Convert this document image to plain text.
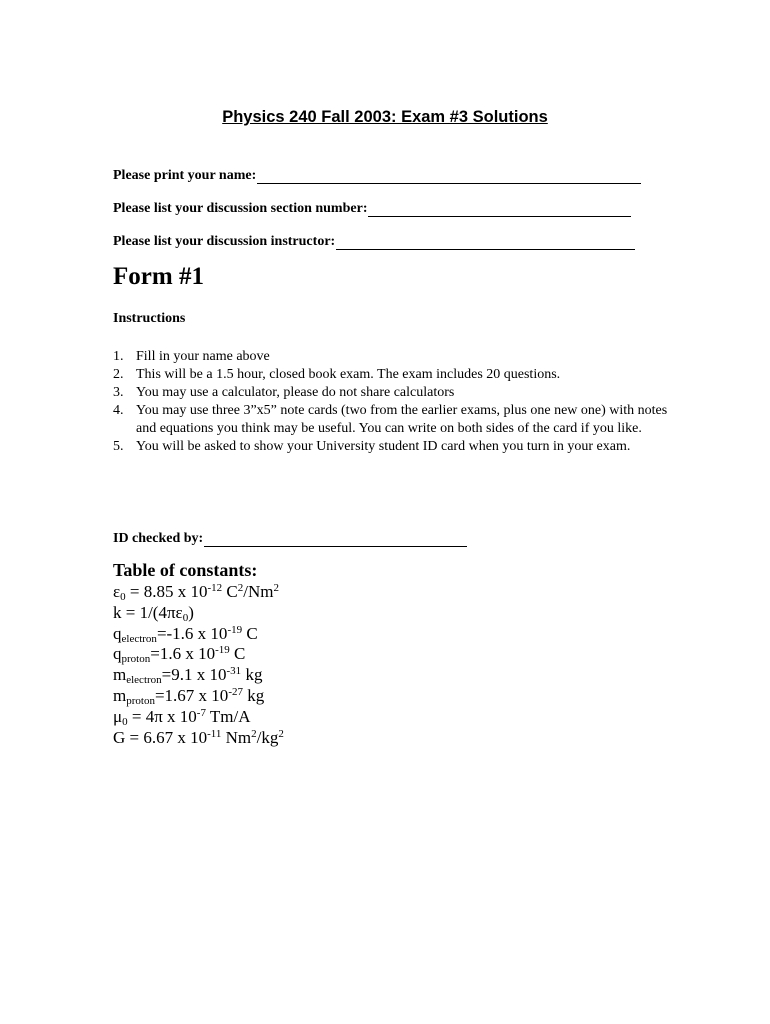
Physics 240 Fall 2003: Exam #3 Solutions
Please print your name:
Please list your discussion section number:
Please list your discussion instructor:
Form #1
Instructions
1. Fill in your name above
2. This will be a 1.5 hour, closed book exam. The exam includes 20 questions.
3. You may use a calculator, please do not share calculators
4. You may use three 3”x5” note cards (two from the earlier exams, plus one new one) with notes and equations you think may be useful. You can write on both sides of the card if you like.
5. You will be asked to show your University student ID card when you turn in your exam.
ID checked by:
Table of constants:
$\varepsilon_0 = 8.85$ x $10^{-12}$ $C^2/Nm^2$
$k = 1/(4\pi\varepsilon_0)$
$q_{electron}=-1.6$ x $10^{-19}$ C
$q_{proton}=1.6$ x $10^{-19}$ C
$m_{electron}=9.1$ x $10^{-31}$ kg
$m_{proton}=1.67$ x $10^{-27}$ kg
$\mu_0 = 4\pi$ x $10^{-7}$ Tm/A
G = 6.67 x $10^{-11}$ $Nm^2/kg^2$
